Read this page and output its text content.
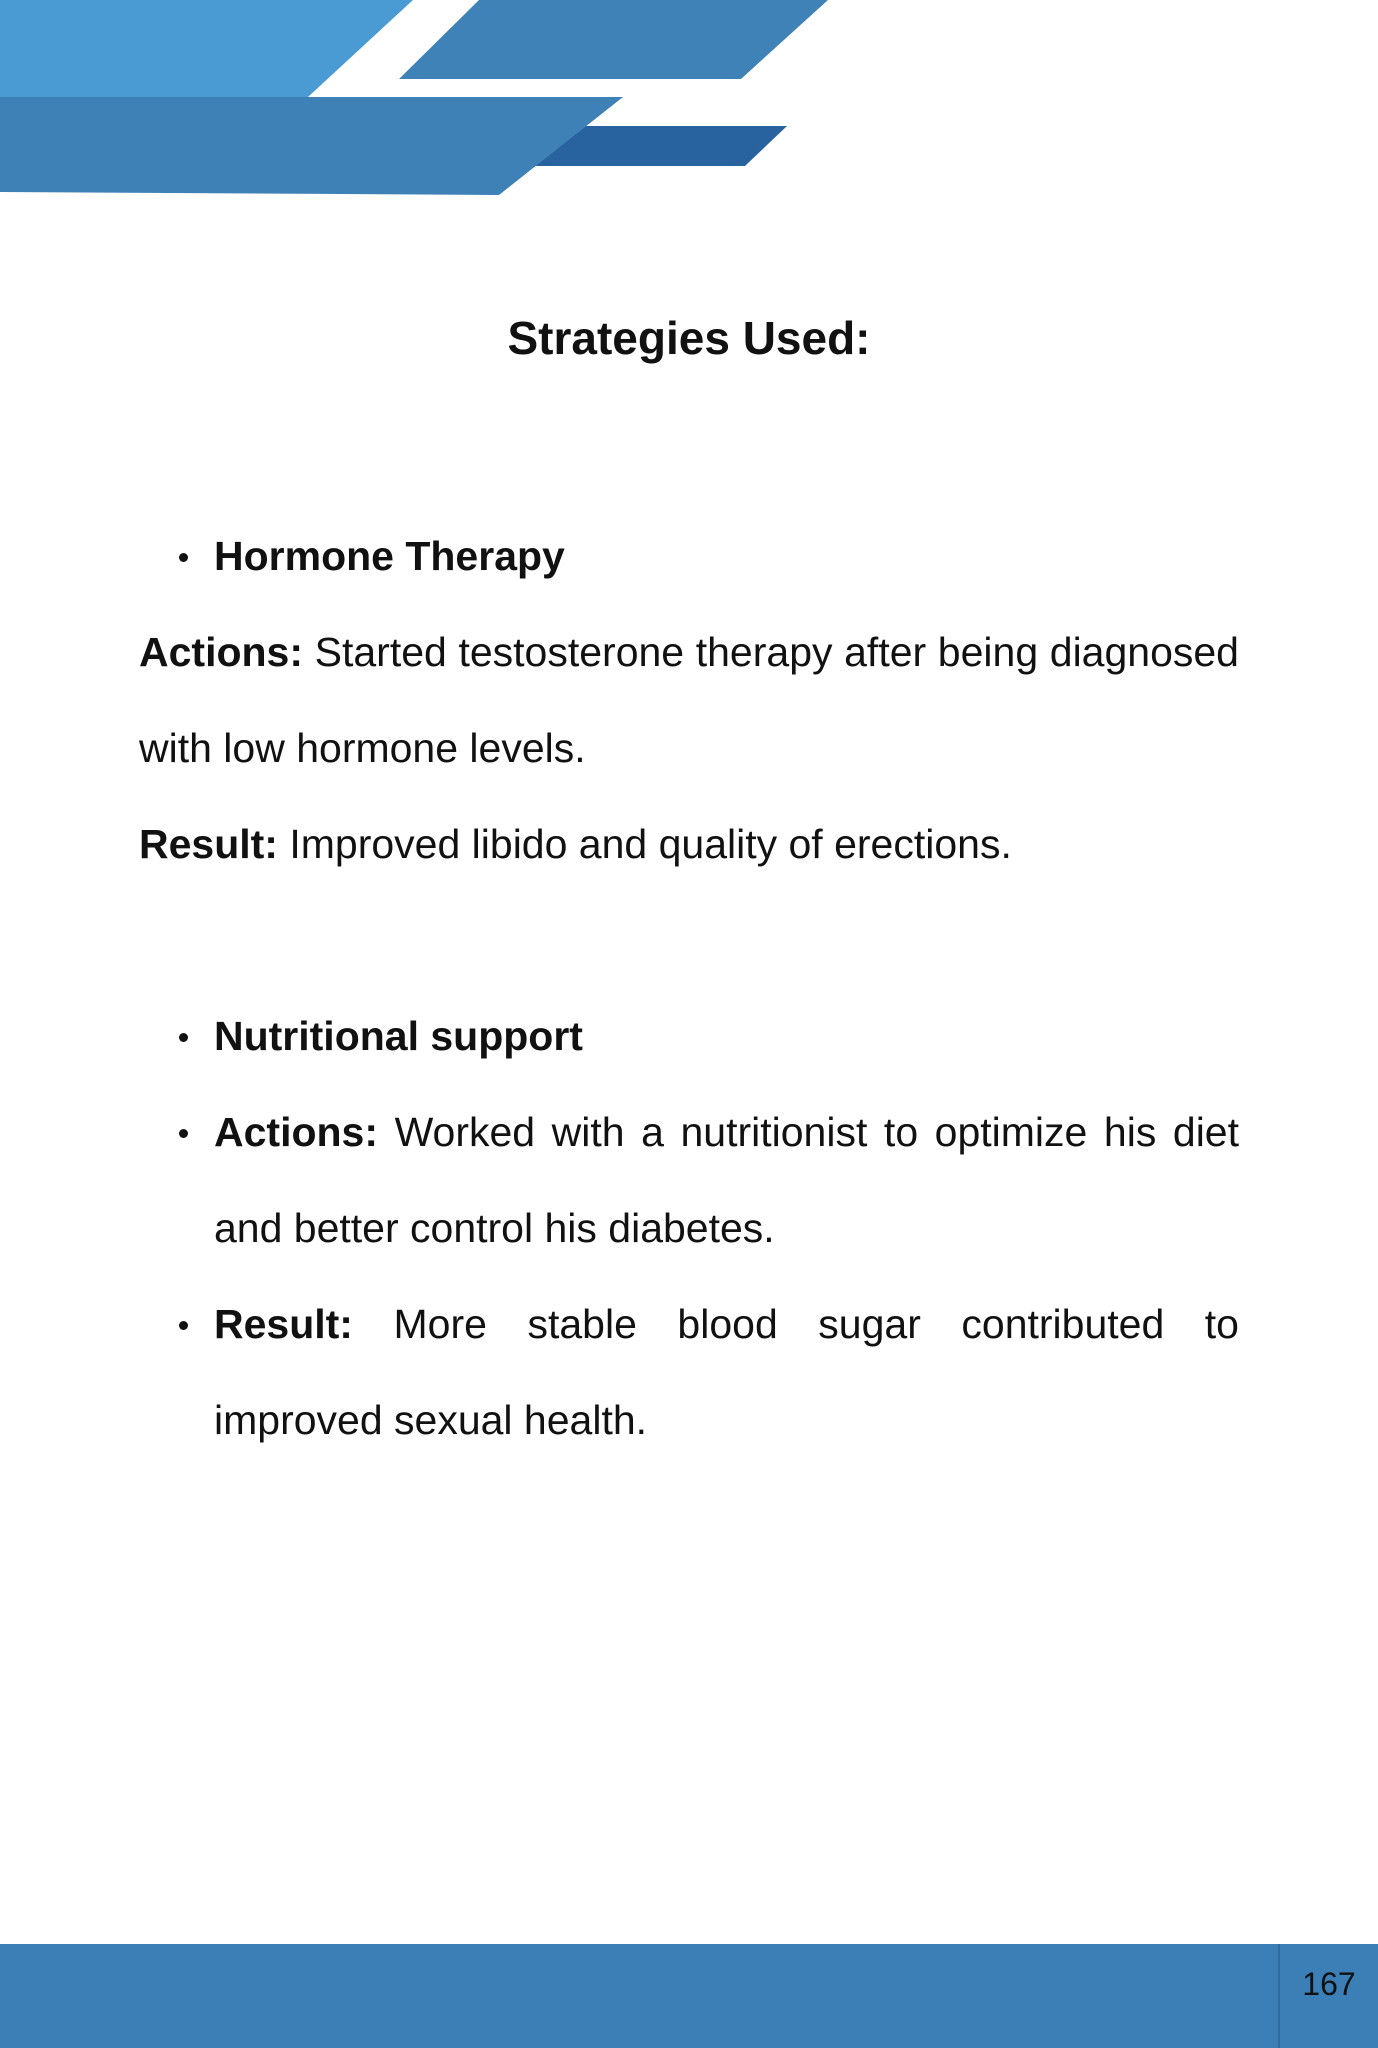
Strategies Used:
Hormone Therapy
Actions: Started testosterone therapy after being diagnosed with low hormone levels.
Result: Improved libido and quality of erections.
Nutritional support
Actions: Worked with a nutritionist to optimize his diet and better control his diabetes.
Result: More stable blood sugar contributed to improved sexual health.
167
